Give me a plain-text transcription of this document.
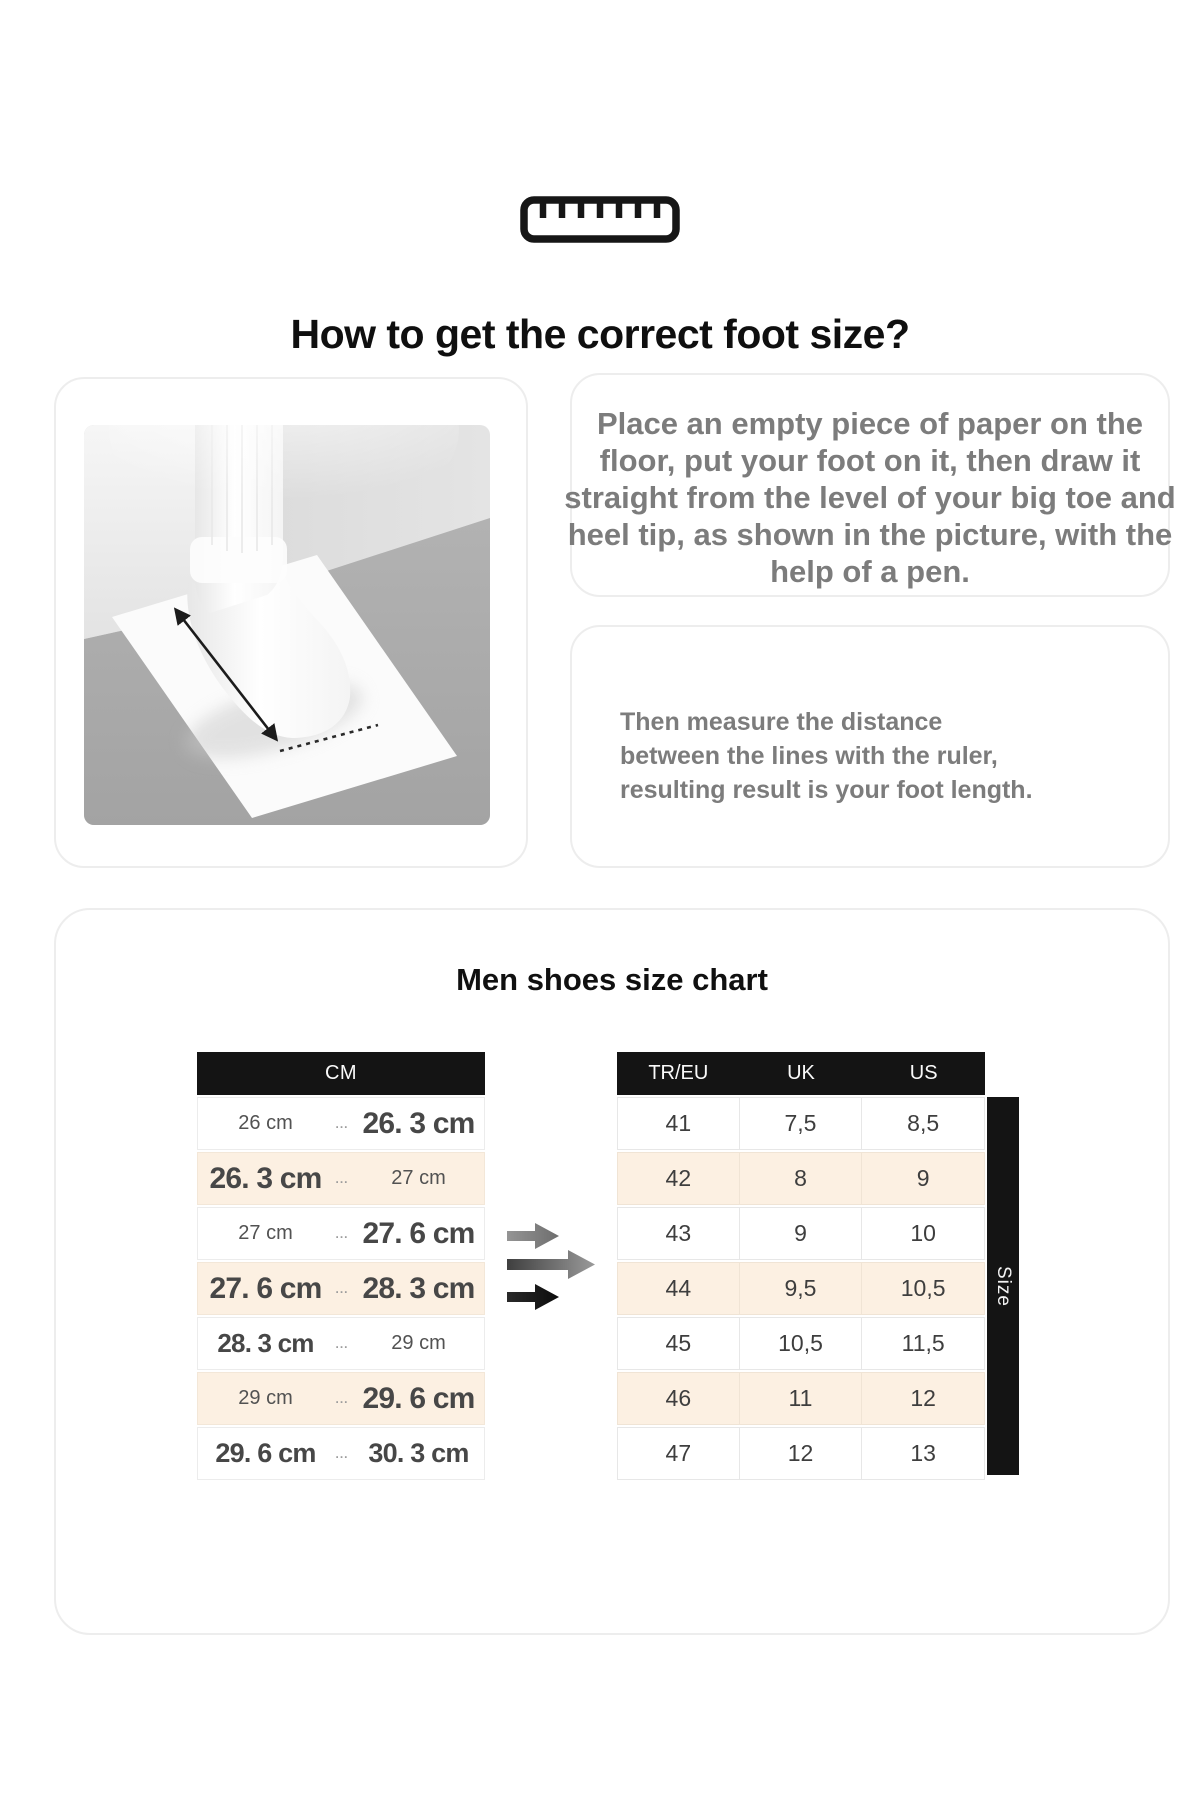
How to get the correct foot size?
Place an empty piece of paper on the
floor, put your foot on it, then draw it
straight from the level of your big toe and
heel tip, as shown in the picture, with the
help of a pen.
Then measure the distance
between the lines with the ruler,
resulting result is your foot length.
Men shoes size chart
CM
26 cm	... 26. 3 cm
26. 3 cm	...	27 cm
27 cm	... 27. 6 cm
27. 6 cm	... 28. 3 cm
28. 3 cm	...	29 cm
29 cm	... 29. 6 cm
29. 6 cm	... 30. 3 cm
TR/EU	UK	US
41	7,5	8,5
42	8	9
43	9	10
44	9,5	10,5
45	10,5	11,5
46	11	12
47	12	13
Size
